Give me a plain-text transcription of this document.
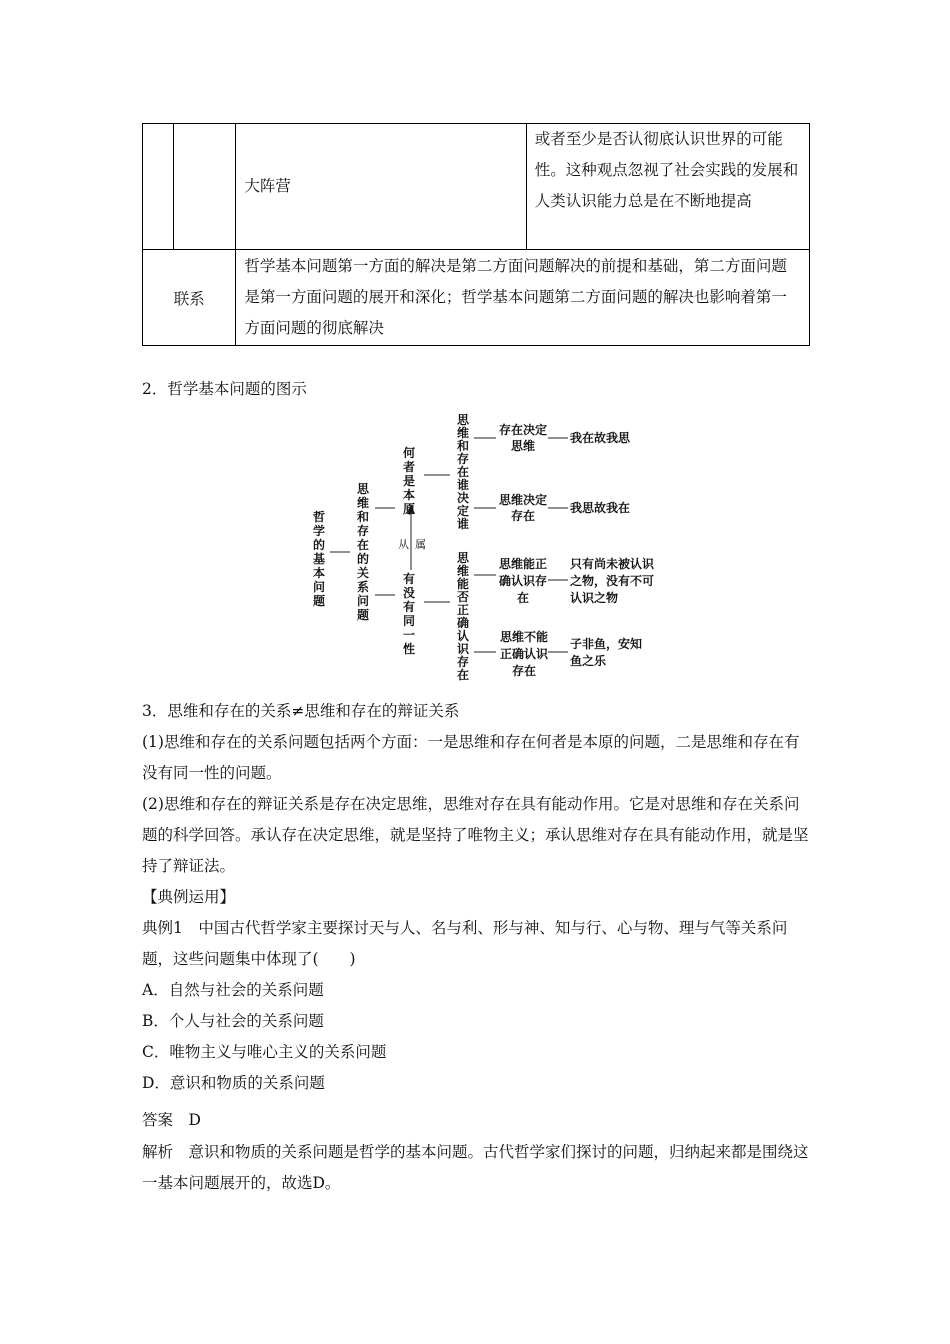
		大阵营	或者至少是否认彻底认识世界的可能性。这种观点忽视了社会实践的发展和人类认识能力总是在不断地提高
联系		哲学基本问题第一方面的解决是第二方面问题解决的前提和基础，第二方面问题是第一方面问题的展开和深化；哲学基本问题第二方面问题的解决也影响着第一方面问题的彻底解决	
2．哲学基本问题的图示
哲学的基本问题
思维和存在的关系问题
何者是本原
有没有同一性
从属
思维和存在谁决定谁
思维能否正确认识存在
存在决定思维
我在故我思
思维决定存在
我思故我在
思维能正确认识存在
只有尚未被认识之物，没有不可认识之物
思维不能正确认识存在
子非鱼，安知鱼之乐
3．思维和存在的关系≠思维和存在的辩证关系
(1)思维和存在的关系问题包括两个方面：一是思维和存在何者是本原的问题，二是思维和存在有没有同一性的问题。
(2)思维和存在的辩证关系是存在决定思维，思维对存在具有能动作用。它是对思维和存在关系问题的科学回答。承认存在决定思维，就是坚持了唯物主义；承认思维对存在具有能动作用，就是坚持了辩证法。
【典例运用】
典例1　中国古代哲学家主要探讨天与人、名与利、形与神、知与行、心与物、理与气等关系问题，这些问题集中体现了(　　)
A．自然与社会的关系问题
B．个人与社会的关系问题
C．唯物主义与唯心主义的关系问题
D．意识和物质的关系问题
答案　D
解析　意识和物质的关系问题是哲学的基本问题。古代哲学家们探讨的问题，归纳起来都是围绕这一基本问题展开的，故选D。
